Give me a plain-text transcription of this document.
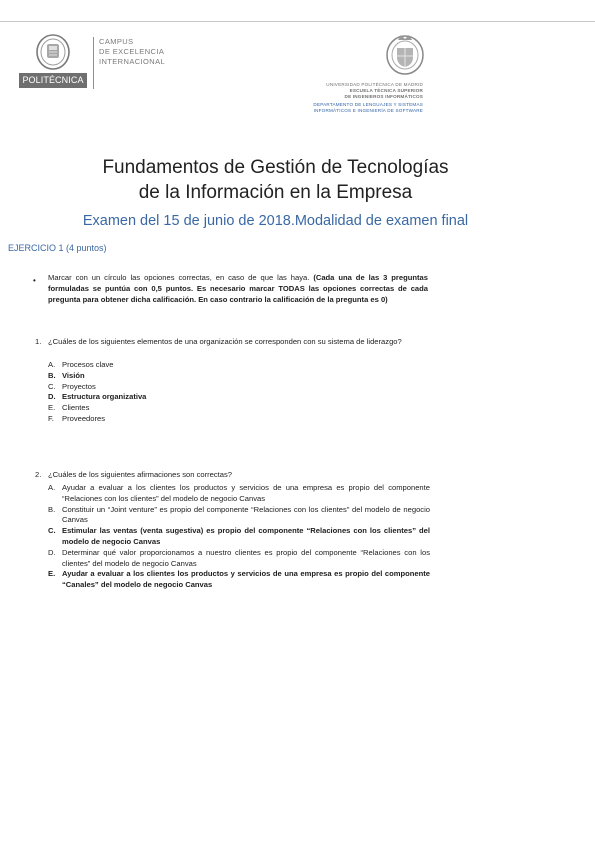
POLITÉCNICA
CAMPUS
DE EXCELENCIA
INTERNACIONAL
UNIVERSIDAD POLITÉCNICA DE MADRID
ESCUELA TÉCNICA SUPERIOR
DE INGENIEROS INFORMÁTICOS
DEPARTAMENTO DE LENGUAJES Y SISTEMAS
INFORMÁTICOS E INGENIERÍA DE SOFTWARE
Fundamentos de Gestión de Tecnologías
de la Información en la Empresa
Examen del 15 de junio de 2018.Modalidad de examen final
EJERCICIO 1 (4 puntos)
• Marcar con un círculo las opciones correctas, en caso de que las haya. (Cada una de las 3 preguntas formuladas se puntúa con 0,5 puntos. Es necesario marcar TODAS las opciones correctas de cada pregunta para obtener dicha calificación. En caso contrario la calificación de la pregunta es 0)
1. ¿Cuáles de los siguientes elementos de una organización se corresponden con su sistema de liderazgo?
A. Procesos clave
B. Visión
C. Proyectos
D. Estructura organizativa
E. Clientes
F.	Proveedores
2. ¿Cuáles de los siguientes afirmaciones son correctas?
A. Ayudar a evaluar a los clientes los productos y servicios de una empresa es propio del componente “Relaciones con los clientes” del modelo de negocio Canvas
B. Constituir un “Joint venture” es propio del componente “Relaciones con los clientes” del modelo de negocio Canvas
C. Estimular las ventas (venta sugestiva) es propio del componente “Relaciones con los clientes” del modelo de negocio Canvas
D. Determinar qué valor proporcionamos a nuestro clientes es propio del componente “Relaciones con los clientes” del modelo de negocio Canvas
E. Ayudar a evaluar a los clientes los productos y servicios de una empresa es propio del componente “Canales” del modelo de negocio Canvas
